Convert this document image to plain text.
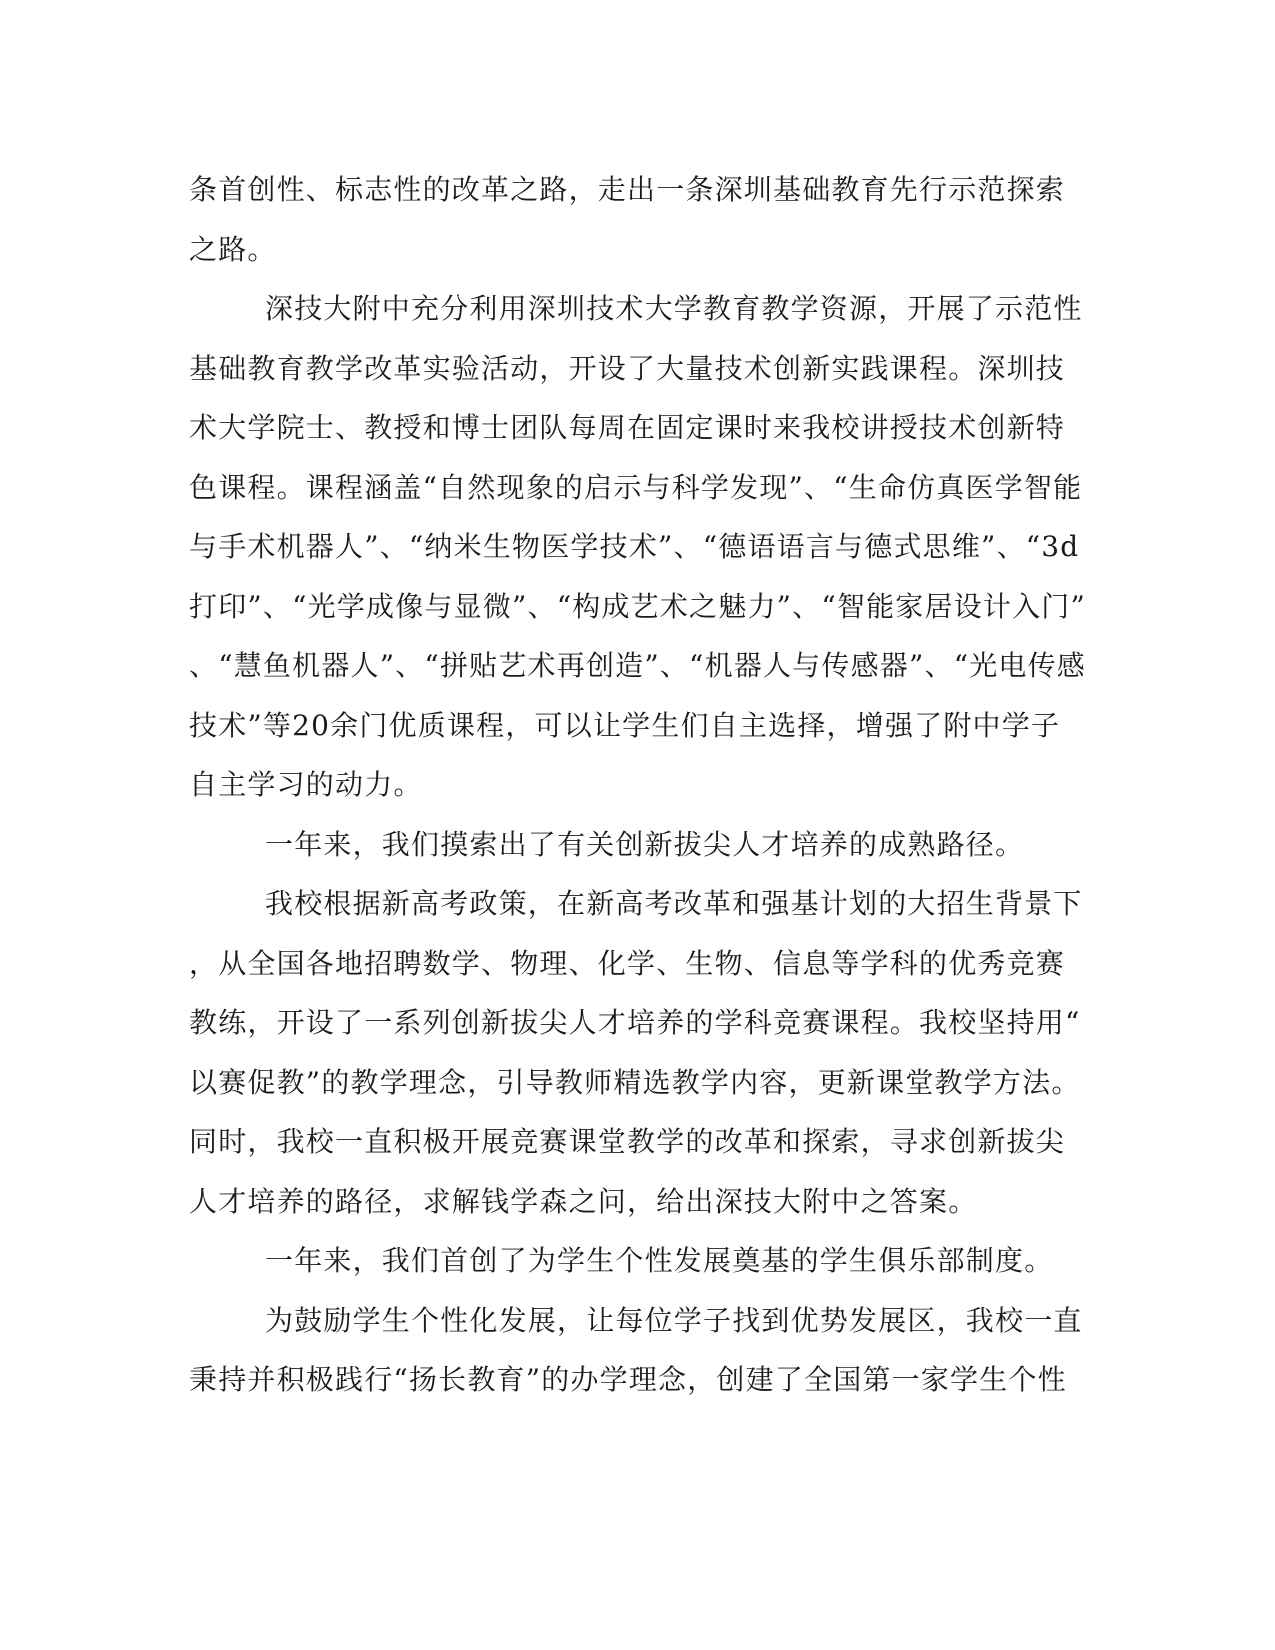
条首创性、标志性的改革之路，走出一条深圳基础教育先行示范探索
之路。
深技大附中充分利用深圳技术大学教育教学资源，开展了示范性
基础教育教学改革实验活动，开设了大量技术创新实践课程。深圳技
术大学院士、教授和博士团队每周在固定课时来我校讲授技术创新特
色课程。课程涵盖“自然现象的启示与科学发现”、“生命仿真医学智能
与手术机器人”、“纳米生物医学技术”、“德语语言与德式思维”、“3d
打印”、“光学成像与显微”、“构成艺术之魅力”、“智能家居设计入门”
、“慧鱼机器人”、“拼贴艺术再创造”、“机器人与传感器”、“光电传感
技术”等20余门优质课程，可以让学生们自主选择，增强了附中学子
自主学习的动力。
一年来，我们摸索出了有关创新拔尖人才培养的成熟路径。
我校根据新高考政策，在新高考改革和强基计划的大招生背景下
，从全国各地招聘数学、物理、化学、生物、信息等学科的优秀竞赛
教练，开设了一系列创新拔尖人才培养的学科竞赛课程。我校坚持用“
以赛促教”的教学理念，引导教师精选教学内容，更新课堂教学方法。
同时，我校一直积极开展竞赛课堂教学的改革和探索，寻求创新拔尖
人才培养的路径，求解钱学森之问，给出深技大附中之答案。
一年来，我们首创了为学生个性发展奠基的学生俱乐部制度。
为鼓励学生个性化发展，让每位学子找到优势发展区，我校一直
秉持并积极践行“扬长教育”的办学理念，创建了全国第一家学生个性
